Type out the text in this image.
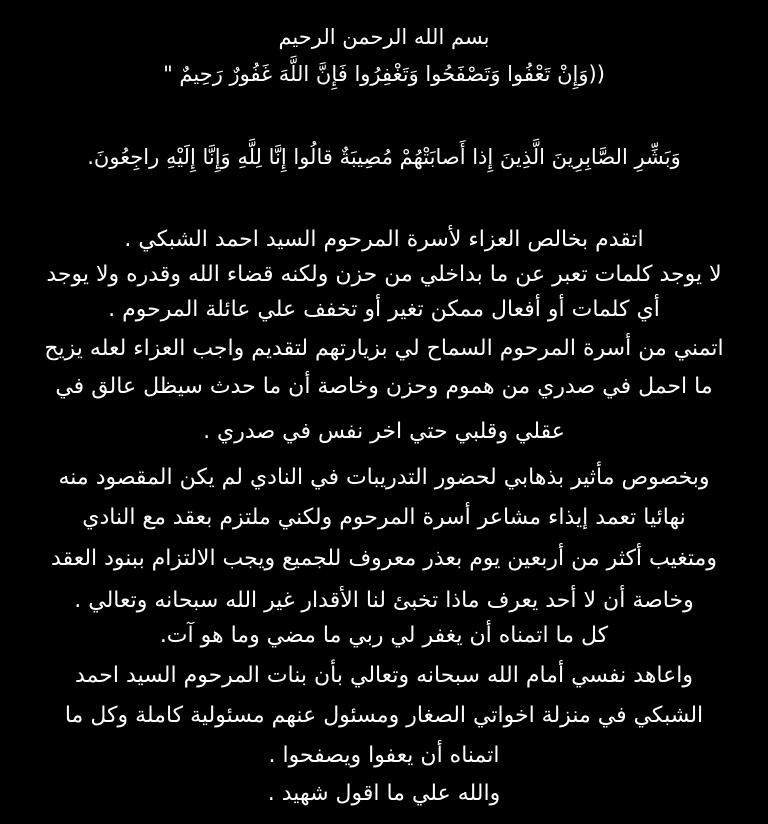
بسم الله الرحمن الرحيم
((وَإِنْ تَعْفُوا وَتَصْفَحُوا وَتَغْفِرُوا فَإِنَّ اللَّهَ غَفُورٌ رَحِيمٌ "
وَبَشِّرِ الصَّابِرِينَ الَّذِينَ إِذا أَصابَتْهُمْ مُصِيبَةٌ قالُوا إِنَّا لِلَّهِ وَإِنَّا إِلَيْهِ راجِعُونَ.
اتقدم بخالص العزاء لأسرة المرحوم السيد احمد الشبكي .
لا يوجد كلمات تعبر عن ما بداخلي من حزن ولكنه قضاء الله وقدره ولا يوجد
أي كلمات أو أفعال ممكن تغير أو تخفف علي عائلة المرحوم .
اتمني من أسرة المرحوم السماح لي بزيارتهم لتقديم واجب العزاء لعله يزيح
ما احمل في صدري من هموم وحزن وخاصة أن ما حدث سيظل عالق في
عقلي وقلبي حتي اخر نفس في صدري .
وبخصوص مأثير بذهابي لحضور التدريبات في النادي لم يكن المقصود منه
نهائيا تعمد إيذاء مشاعر أسرة المرحوم ولكني ملتزم بعقد مع النادي
ومتغيب أكثر من أربعين يوم بعذر معروف للجميع ويجب الالتزام ببنود العقد
وخاصة أن لا أحد يعرف ماذا تخبئ لنا الأقدار غير الله سبحانه وتعالي .
كل ما اتمناه أن يغفر لي ربي ما مضي وما هو آت.
واعاهد نفسي أمام الله سبحانه وتعالي بأن بنات المرحوم السيد احمد
الشبكي في منزلة اخواتي الصغار ومسئول عنهم مسئولية كاملة وكل ما
اتمناه أن يعفوا ويصفحوا .
والله علي ما اقول شهيد .
